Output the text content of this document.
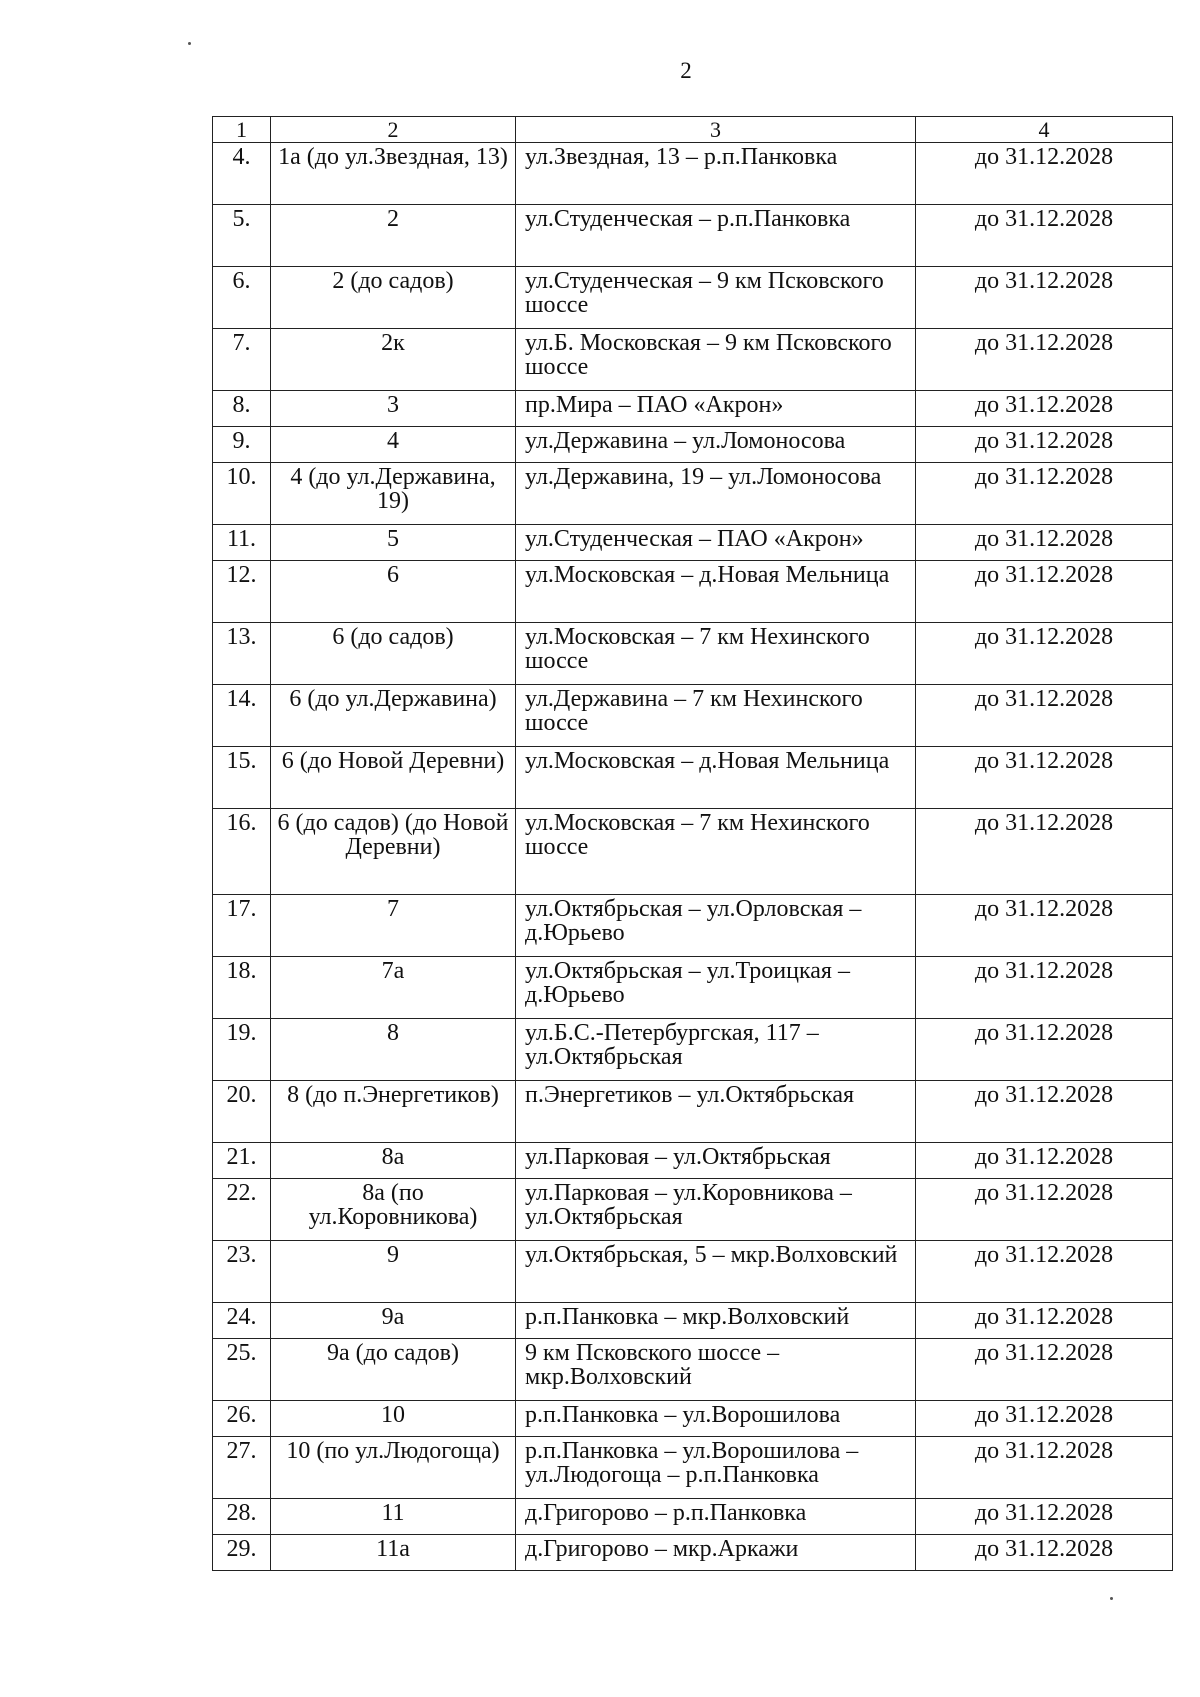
2
1	2	3	4
4.	1а (до ул.Звездная, 13)	ул.Звездная, 13 – р.п.Панковка	до 31.12.2028
5.	2	ул.Студенческая – р.п.Панковка	до 31.12.2028
6.	2 (до садов)	ул.Студенческая – 9 км Псковского шоссе	до 31.12.2028
7.	2к	ул.Б. Московская – 9 км Псковского шоссе	до 31.12.2028
8.	3	пр.Мира – ПАО «Акрон»	до 31.12.2028
9.	4	ул.Державина – ул.Ломоносова	до 31.12.2028
10.	4 (до ул.Державина, 19)	ул.Державина, 19 – ул.Ломоносова	до 31.12.2028
11.	5	ул.Студенческая – ПАО «Акрон»	до 31.12.2028
12.	6	ул.Московская – д.Новая Мельница	до 31.12.2028
13.	6 (до садов)	ул.Московская – 7 км Нехинского шоссе	до 31.12.2028
14.	6 (до ул.Державина)	ул.Державина – 7 км Нехинского шоссе	до 31.12.2028
15.	6 (до Новой Деревни)	ул.Московская – д.Новая Мельница	до 31.12.2028
16.	6 (до садов) (до Новой Деревни)	ул.Московская – 7 км Нехинского шоссе	до 31.12.2028
17.	7	ул.Октябрьская – ул.Орловская – д.Юрьево	до 31.12.2028
18.	7а	ул.Октябрьская – ул.Троицкая – д.Юрьево	до 31.12.2028
19.	8	ул.Б.С.-Петербургская, 117 –ул.Октябрьская	до 31.12.2028
20.	8 (до п.Энергетиков)	п.Энергетиков – ул.Октябрьская	до 31.12.2028
21.	8а	ул.Парковая – ул.Октябрьская	до 31.12.2028
22.	8а (по ул.Коровникова)	ул.Парковая – ул.Коровникова – ул.Октябрьская	до 31.12.2028
23.	9	ул.Октябрьская, 5 – мкр.Волховский	до 31.12.2028
24.	9а	р.п.Панковка – мкр.Волховский	до 31.12.2028
25.	9а (до садов)	9 км Псковского шоссе – мкр.Волховский	до 31.12.2028
26.	10	р.п.Панковка – ул.Ворошилова	до 31.12.2028
27.	10 (по ул.Людогоща)	р.п.Панковка – ул.Ворошилова – ул.Людогоща – р.п.Панковка	до 31.12.2028
28.	11	д.Григорово – р.п.Панковка	до 31.12.2028
29.	11а	д.Григорово – мкр.Аркажи	до 31.12.2028
